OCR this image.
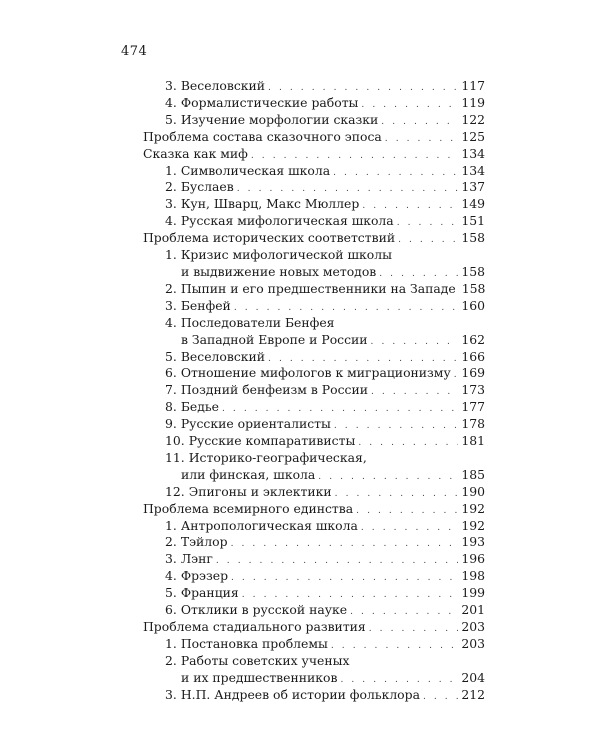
474
3. Веселовский . . .	117
4. Формалистические работы . . .	119
5. Изучение морфологии сказки . . .	122
Проблема состава сказочного эпоса . . .	125
Сказка как миф . . .	134
1. Символическая школа . . .	134
2. Буслаев . . .	137
3. Кун, Шварц, Макс Мюллер . . .	149
4. Русская мифологическая школа . . .	151
Проблема исторических соответствий . . .	158
1. Кризис мифологической школы
и выдвижение новых методов . . .	158
2. Пыпин и его предшественники на Западе 158
3. Бенфей . . .	160
4. Последователи Бенфея
в Западной Европе и России . . .	162
5. Веселовский . . .	166
6. Отношение мифологов к миграционизму . . . 169
7. Поздний бенфеизм в России . . .	173
8. Бедье . . .	177
9. Русские ориенталисты . . .	178
10. Русские компаративисты . . .	181
11. Историко-географическая,
или финская, школа . . .	185
12. Эпигоны и эклектики . . .	190
Проблема всемирного единства . . .	192
1. Антропологическая школа . . .	192
2. Тэйлор . . .	193
3. Лэнг . . .	196
4. Фрэзер . . .	198
5. Франция . . .	199
6. Отклики в русской науке . . .	201
Проблема стадиального развития . . .	203
1. Постановка проблемы . . .	203
2. Работы советских ученых
и их предшественников . . .	204
3. Н.П. Андреев об истории фольклора . . .	212
